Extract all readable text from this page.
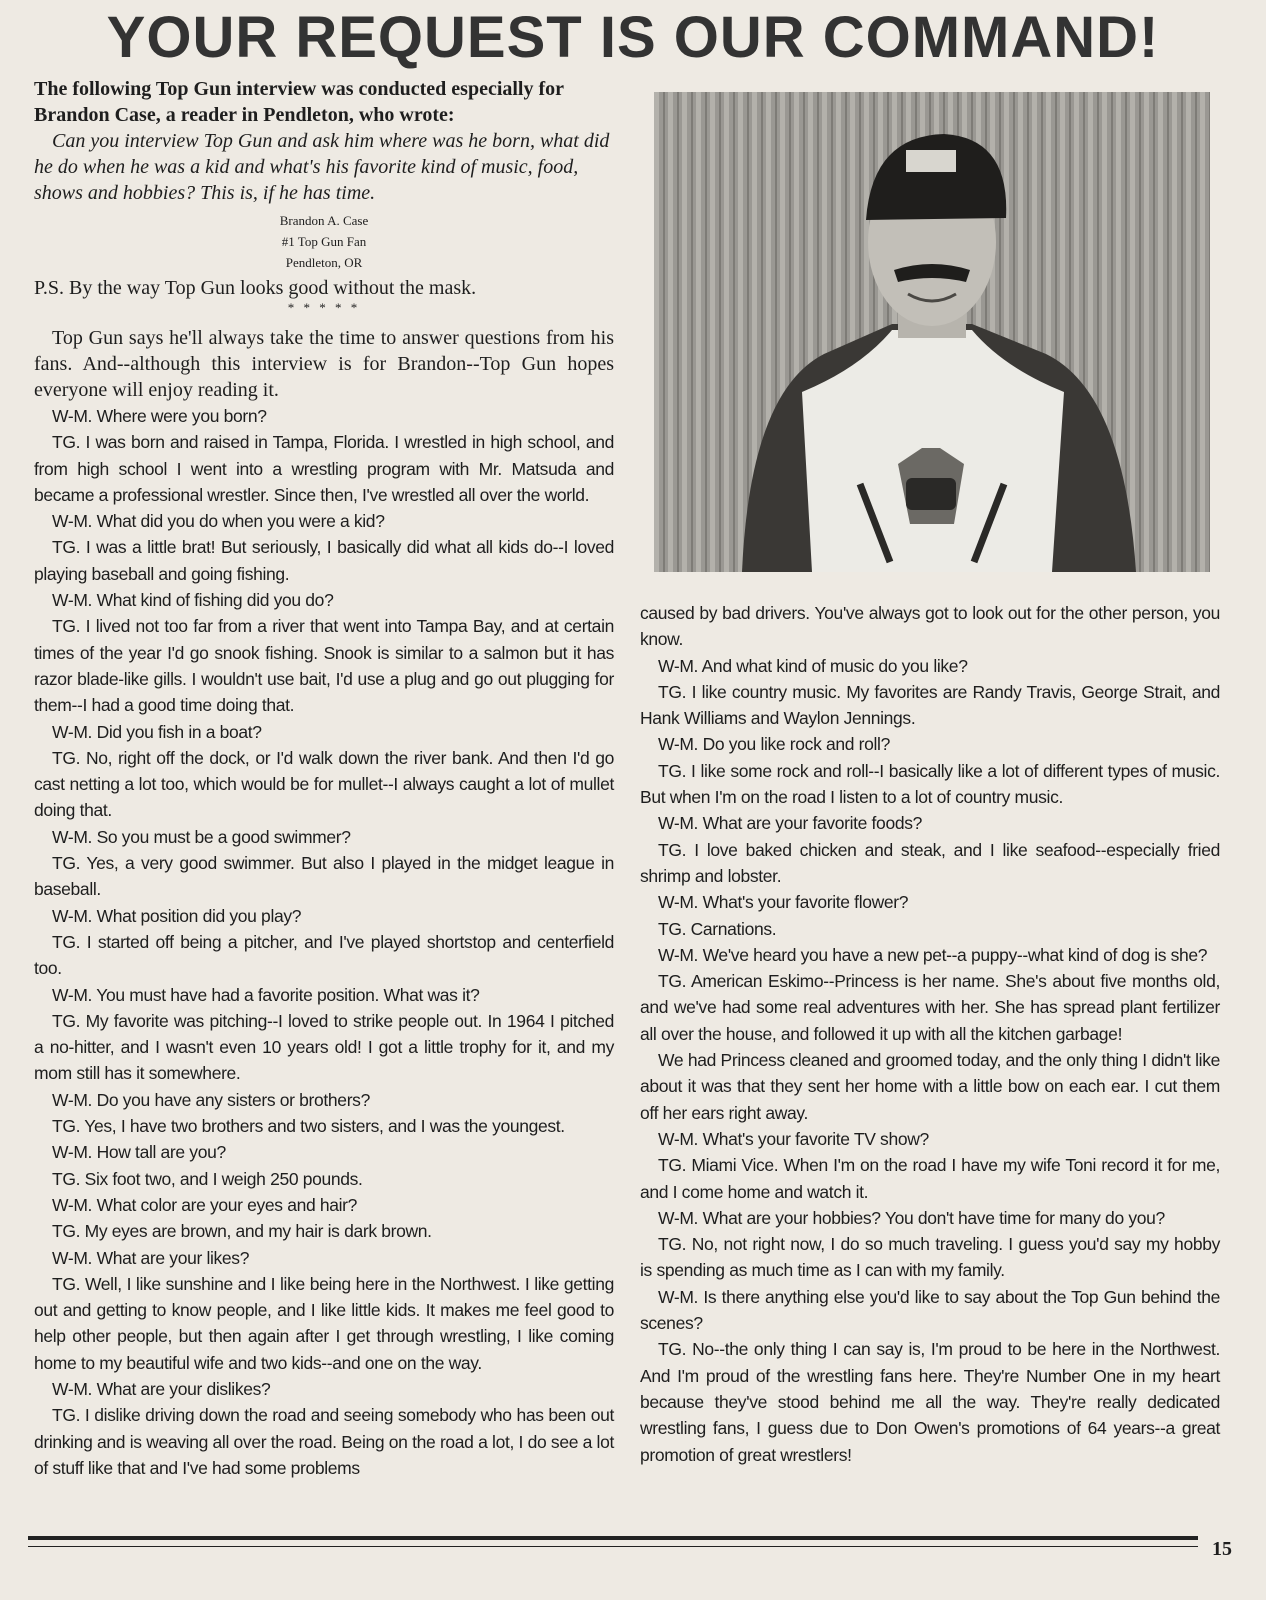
YOUR REQUEST IS OUR COMMAND!

The following Top Gun interview was conducted especially for Brandon Case, a reader in Pendleton, who wrote:

Can you interview Top Gun and ask him where was he born, what did he do when he was a kid and what's his favorite kind of music, food, shows and hobbies? This is, if he has time.

Brandon A. Case
#1 Top Gun Fan
Pendleton, OR

P.S. By the way Top Gun looks good without the mask.

* * * * *

Top Gun says he'll always take the time to answer questions from his fans. And--although this interview is for Brandon--Top Gun hopes everyone will enjoy reading it.

W-M. Where were you born?

TG. I was born and raised in Tampa, Florida. I wrestled in high school, and from high school I went into a wrestling program with Mr. Matsuda and became a professional wrestler. Since then, I've wrestled all over the world.

W-M. What did you do when you were a kid?

TG. I was a little brat! But seriously, I basically did what all kids do--I loved playing baseball and going fishing.

W-M. What kind of fishing did you do?

TG. I lived not too far from a river that went into Tampa Bay, and at certain times of the year I'd go snook fishing. Snook is similar to a salmon but it has razor blade-like gills. I wouldn't use bait, I'd use a plug and go out plugging for them--I had a good time doing that.

W-M. Did you fish in a boat?

TG. No, right off the dock, or I'd walk down the river bank. And then I'd go cast netting a lot too, which would be for mullet--I always caught a lot of mullet doing that.

W-M. So you must be a good swimmer?

TG. Yes, a very good swimmer. But also I played in the midget league in baseball.

W-M. What position did you play?

TG. I started off being a pitcher, and I've played shortstop and centerfield too.

W-M. You must have had a favorite position. What was it?

TG. My favorite was pitching--I loved to strike people out. In 1964 I pitched a no-hitter, and I wasn't even 10 years old! I got a little trophy for it, and my mom still has it somewhere.

W-M. Do you have any sisters or brothers?

TG. Yes, I have two brothers and two sisters, and I was the youngest.

W-M. How tall are you?

TG. Six foot two, and I weigh 250 pounds.

W-M. What color are your eyes and hair?

TG. My eyes are brown, and my hair is dark brown.

W-M. What are your likes?

TG. Well, I like sunshine and I like being here in the Northwest. I like getting out and getting to know people, and I like little kids. It makes me feel good to help other people, but then again after I get through wrestling, I like coming home to my beautiful wife and two kids--and one on the way.

W-M. What are your dislikes?

TG. I dislike driving down the road and seeing somebody who has been out drinking and is weaving all over the road. Being on the road a lot, I do see a lot of stuff like that and I've had some problems

caused by bad drivers. You've always got to look out for the other person, you know.

W-M. And what kind of music do you like?

TG. I like country music. My favorites are Randy Travis, George Strait, and Hank Williams and Waylon Jennings.

W-M. Do you like rock and roll?

TG. I like some rock and roll--I basically like a lot of different types of music. But when I'm on the road I listen to a lot of country music.

W-M. What are your favorite foods?

TG. I love baked chicken and steak, and I like seafood--especially fried shrimp and lobster.

W-M. What's your favorite flower?

TG. Carnations.

W-M. We've heard you have a new pet--a puppy--what kind of dog is she?

TG. American Eskimo--Princess is her name. She's about five months old, and we've had some real adventures with her. She has spread plant fertilizer all over the house, and followed it up with all the kitchen garbage!

We had Princess cleaned and groomed today, and the only thing I didn't like about it was that they sent her home with a little bow on each ear. I cut them off her ears right away.

W-M. What's your favorite TV show?

TG. Miami Vice. When I'm on the road I have my wife Toni record it for me, and I come home and watch it.

W-M. What are your hobbies? You don't have time for many do you?

TG. No, not right now, I do so much traveling. I guess you'd say my hobby is spending as much time as I can with my family.

W-M. Is there anything else you'd like to say about the Top Gun behind the scenes?

TG. No--the only thing I can say is, I'm proud to be here in the Northwest. And I'm proud of the wrestling fans here. They're Number One in my heart because they've stood behind me all the way. They're really dedicated wrestling fans, I guess due to Don Owen's promotions of 64 years--a great promotion of great wrestlers!

15
